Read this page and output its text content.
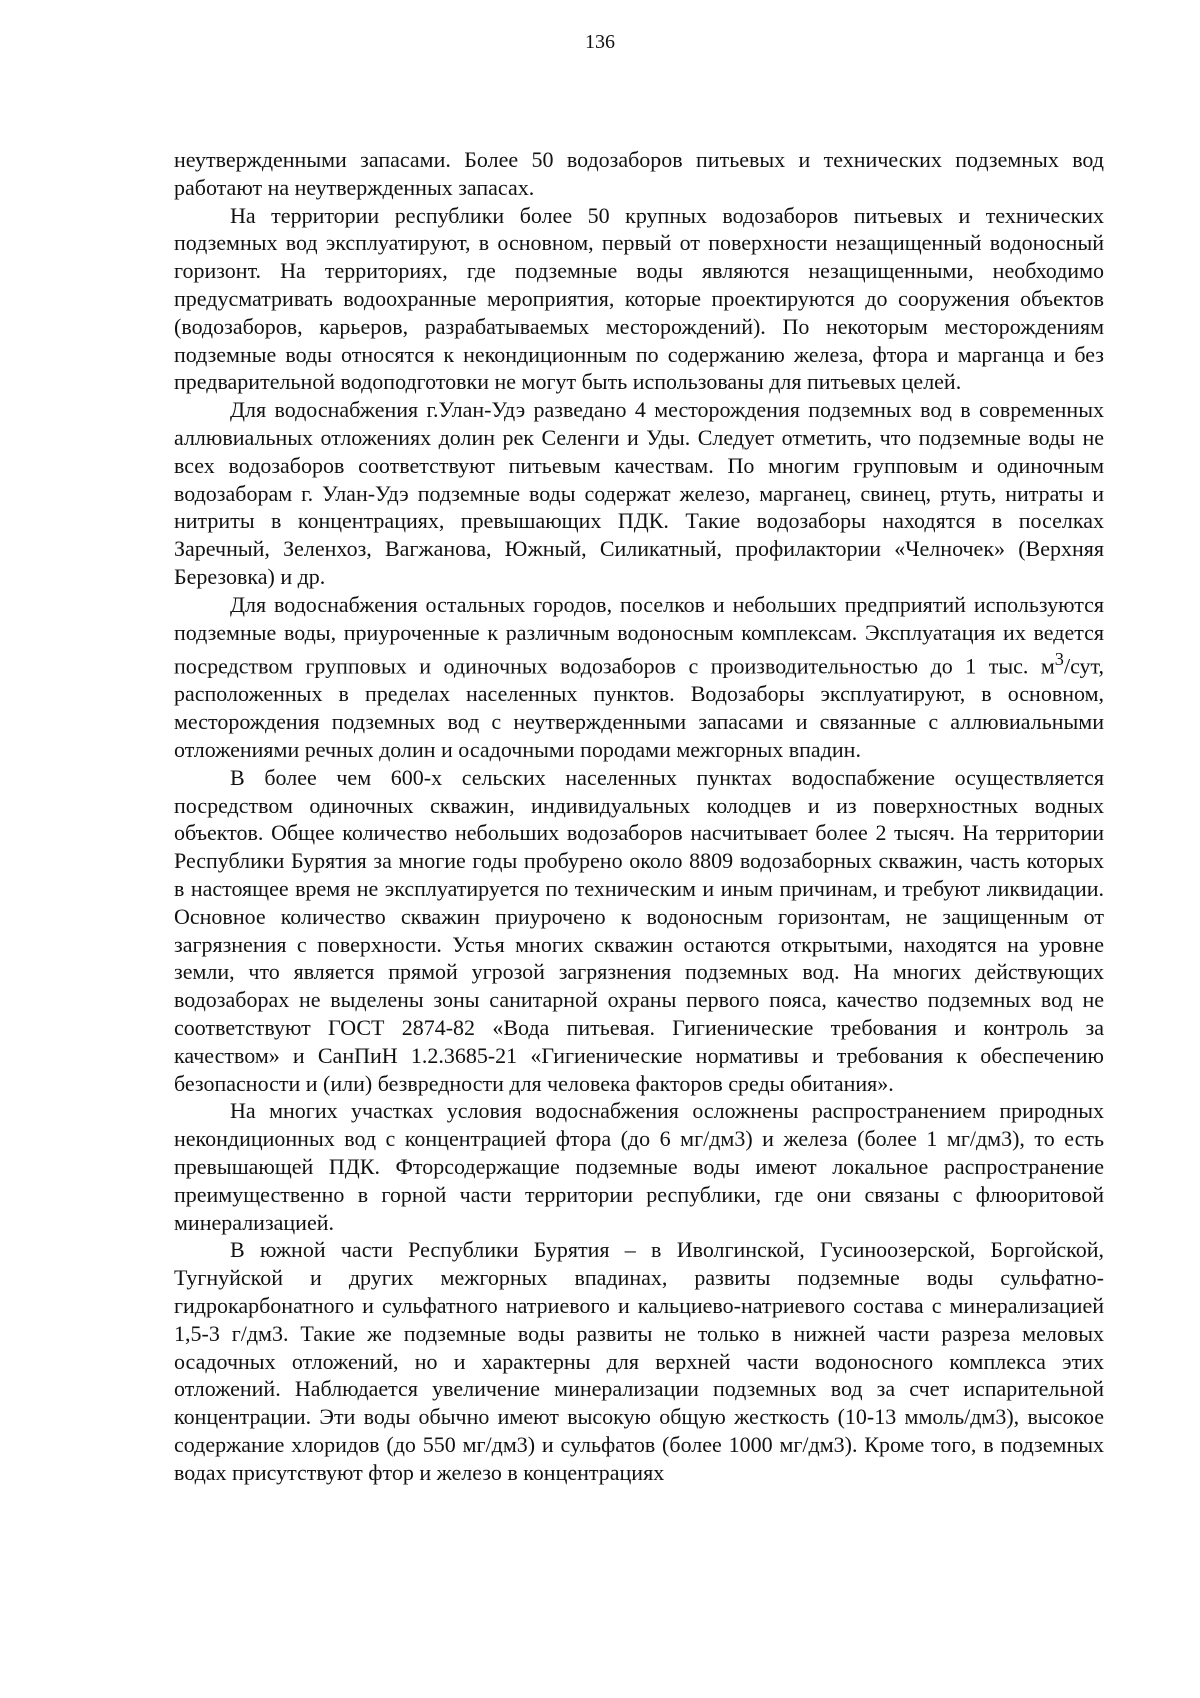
136

неутвержденными запасами. Более 50 водозаборов питьевых и технических подземных вод работают на неутвержденных запасах.

На территории республики более 50 крупных водозаборов питьевых и технических подземных вод эксплуатируют, в основном, первый от поверхности незащищенный водоносный горизонт. На территориях, где подземные воды являются незащищенными, необходимо предусматривать водоохранные мероприятия, которые проектируются до сооружения объектов (водозаборов, карьеров, разрабатываемых месторождений). По некоторым месторождениям подземные воды относятся к некондиционным по содержанию железа, фтора и марганца и без предварительной водоподготовки не могут быть использованы для питьевых целей.

Для водоснабжения г.Улан-Удэ разведано 4 месторождения подземных вод в современных аллювиальных отложениях долин рек Селенги и Уды. Следует отметить, что подземные воды не всех водозаборов соответствуют питьевым качествам. По многим групповым и одиночным водозаборам г. Улан-Удэ подземные воды содержат железо, марганец, свинец, ртуть, нитраты и нитриты в концентрациях, превышающих ПДК. Такие водозаборы находятся в поселках Заречный, Зеленхоз, Вагжанова, Южный, Силикатный, профилактории «Челночек» (Верхняя Березовка) и др.

Для водоснабжения остальных городов, поселков и небольших предприятий используются подземные воды, приуроченные к различным водоносным комплексам. Эксплуатация их ведется посредством групповых и одиночных водозаборов с производительностью до 1 тыс. $м^3$/сут, расположенных в пределах населенных пунктов. Водозаборы эксплуатируют, в основном, месторождения подземных вод с неутвержденными запасами и связанные с аллювиальными отложениями речных долин и осадочными породами межгорных впадин.

В более чем 600-х сельских населенных пунктах водоспабжение осуществляется посредством одиночных скважин, индивидуальных колодцев и из поверхностных водных объектов. Общее количество небольших водозаборов насчитывает более 2 тысяч. На территории Республики Бурятия за многие годы пробурено около 8809 водозаборных скважин, часть которых в настоящее время не эксплуатируется по техническим и иным причинам, и требуют ликвидации. Основное количество скважин приурочено к водоносным горизонтам, не защищенным от загрязнения с поверхности. Устья многих скважин остаются открытыми, находятся на уровне земли, что является прямой угрозой загрязнения подземных вод. На многих действующих водозаборах не выделены зоны санитарной охраны первого пояса, качество подземных вод не соответствуют ГОСТ 2874-82 «Вода питьевая. Гигиенические требования и контроль за качеством» и СанПиН 1.2.3685-21 «Гигиенические нормативы и требования к обеспечению безопасности и (или) безвредности для человека факторов среды обитания».

На многих участках условия водоснабжения осложнены распространением природных некондиционных вод с концентрацией фтора (до 6 мг/дм3) и железа (более 1 мг/дм3), то есть превышающей ПДК. Фторсодержащие подземные воды имеют локальное распространение преимущественно в горной части территории республики, где они связаны с флюоритовой минерализацией.

В южной части Республики Бурятия – в Иволгинской, Гусиноозерской, Боргойской, Тугнуйской и других межгорных впадинах, развиты подземные воды сульфатно-гидрокарбонатного и сульфатного натриевого и кальциево-натриевого состава с минерализацией 1,5-3 г/дм3. Такие же подземные воды развиты не только в нижней части разреза меловых осадочных отложений, но и характерны для верхней части водоносного комплекса этих отложений. Наблюдается увеличение минерализации подземных вод за счет испарительной концентрации. Эти воды обычно имеют высокую общую жесткость (10-13 ммоль/дм3), высокое содержание хлоридов (до 550 мг/дм3) и сульфатов (более 1000 мг/дм3). Кроме того, в подземных водах присутствуют фтор и железо в концентрациях
